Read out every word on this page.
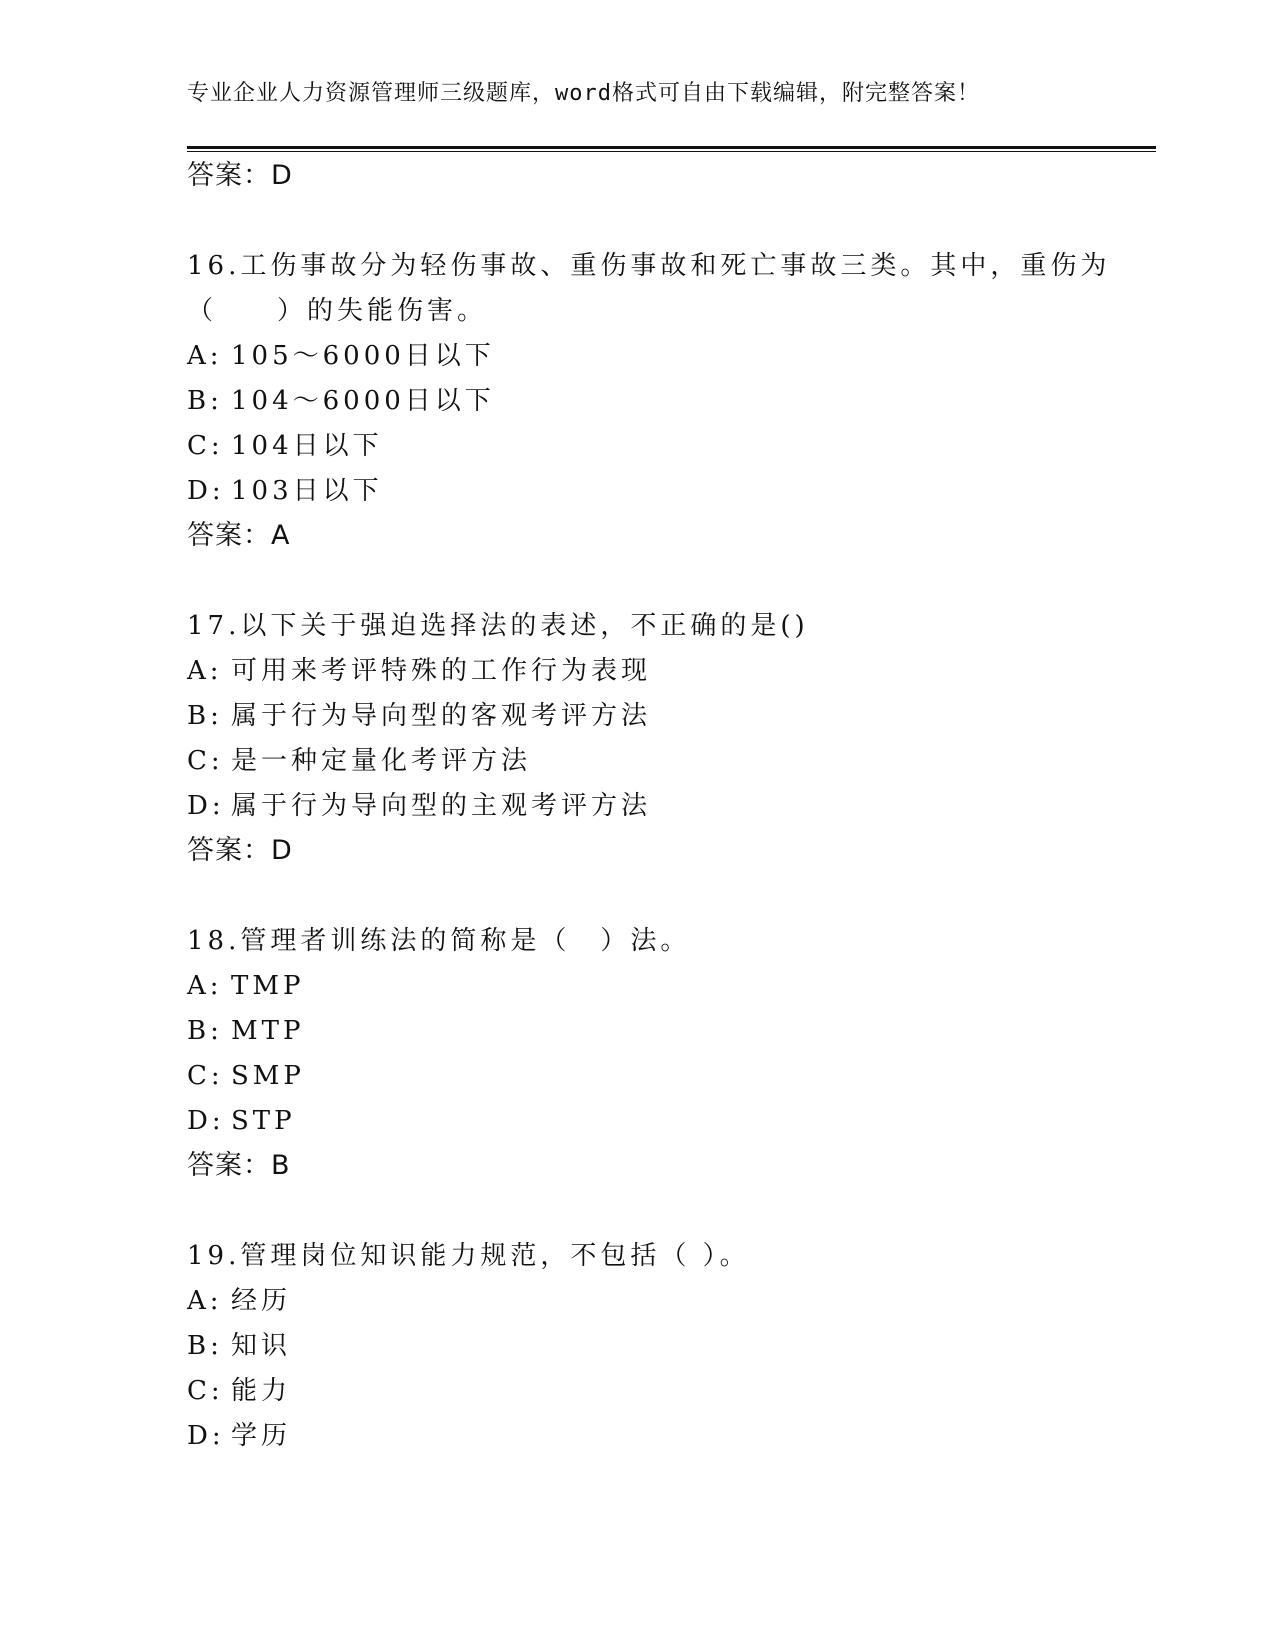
专业企业人力资源管理师三级题库，word格式可自由下载编辑，附完整答案！
答案：D
16.工伤事故分为轻伤事故、重伤事故和死亡事故三类。其中，重伤为
（　　）的失能伤害。
A: 105～6000日以下
B: 104～6000日以下
C: 104日以下
D: 103日以下
答案：A
17.以下关于强迫选择法的表述，不正确的是()
A: 可用来考评特殊的工作行为表现
B: 属于行为导向型的客观考评方法
C: 是一种定量化考评方法
D: 属于行为导向型的主观考评方法
答案：D
18.管理者训练法的简称是（　）法。
A: TMP
B: MTP
C: SMP
D: STP
答案：B
19.管理岗位知识能力规范，不包括（ ）。
A: 经历
B: 知识
C: 能力
D: 学历
